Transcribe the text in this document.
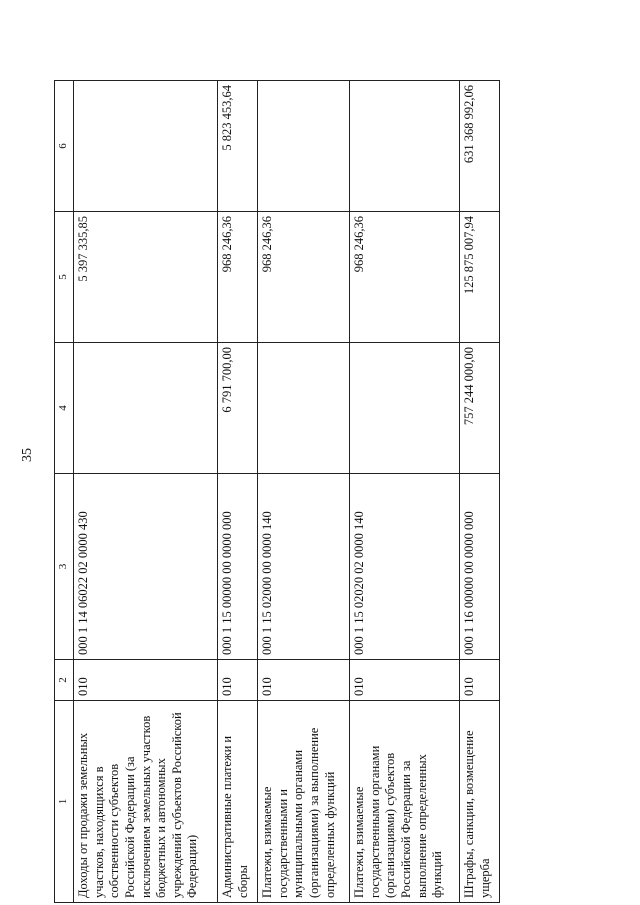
35
1	2	3	4	5	6
Доходы от продажи земельных участков, находящихся в собственности субъектов Российской Федерации (за исключением земельных участков бюджетных и автономных учреждений субъектов Российской Федерации)	010	000 1 14 06022 02 0000 430		5 397 335,85	
Административные платежи и сборы	010	000 1 15 00000 00 0000 000	6 791 700,00	968 246,36	5 823 453,64
Платежи, взимаемые государственными и муниципальными органами (организациями) за выполнение определенных функций	010	000 1 15 02000 00 0000 140		968 246,36	
Платежи, взимаемые государственными органами (организациями) субъектов Российской Федерации за выполнение определенных функций	010	000 1 15 02020 02 0000 140		968 246,36	
Штрафы, санкции, возмещение ущерба	010	000 1 16 00000 00 0000 000	757 244 000,00	125 875 007,94	631 368 992,06
